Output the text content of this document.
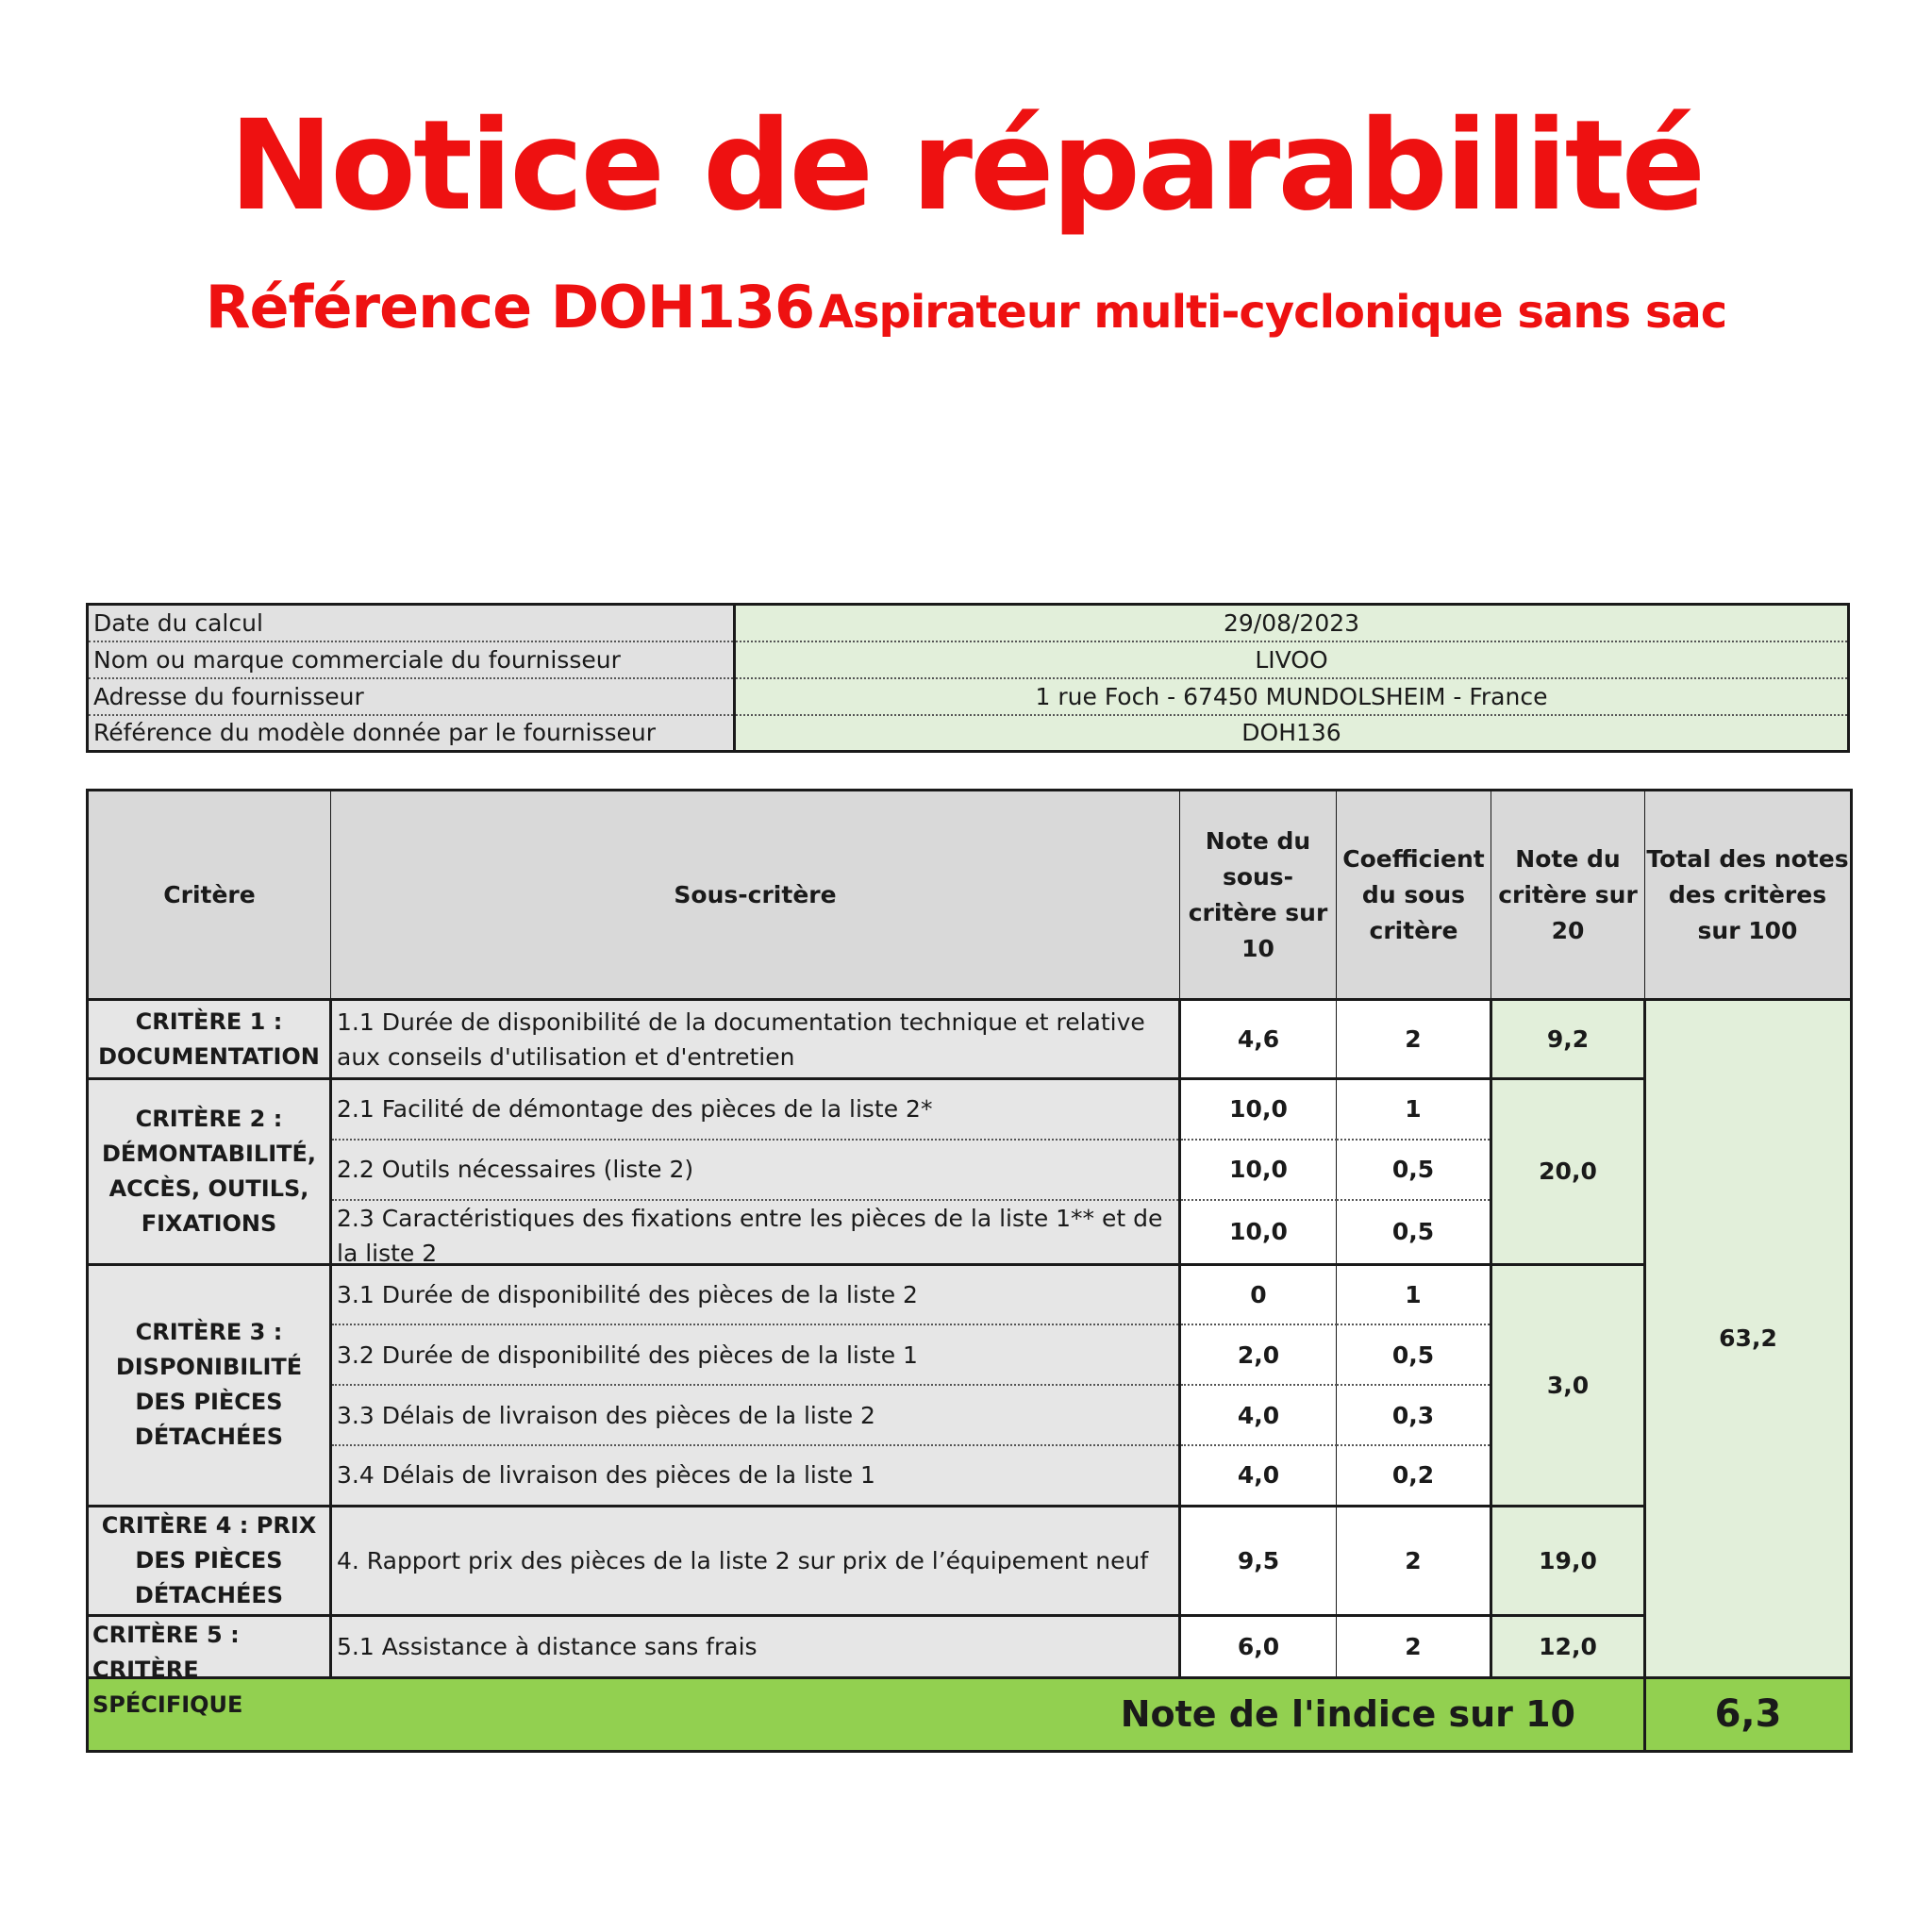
Notice de réparabilité
Référence DOH136 Aspirateur multi-cyclonique sans sac
Date du calcul	29/08/2023
Nom ou marque commerciale du fournisseur	LIVOO
Adresse du fournisseur	1 rue Foch - 67450 MUNDOLSHEIM - France
Référence du modèle donnée par le fournisseur	DOH136
Critère	Sous-critère	Note du sous-critère sur 10	Coefficient du sous critère	Note du critère sur 20	Total des notes des critères sur 100
CRITÈRE 1 : DOCUMENTATION	1.1 Durée de disponibilité de la documentation technique et relative aux conseils d'utilisation et d'entretien	4,6	2	9,2	63,2
CRITÈRE 2 : DÉMONTABILITÉ, ACCÈS, OUTILS, FIXATIONS	2.1 Facilité de démontage des pièces de la liste 2*	10,0	1	20,0	
	2.2 Outils nécessaires (liste 2)	10,0	0,5		

	2.3 Caractéristiques des fixations entre les pièces de la liste 1** et de la liste 2	10,0	0,5		
CRITÈRE 3 : DISPONIBILITÉ DES PIÈCES DÉTACHÉES	3.1 Durée de disponibilité des pièces de la liste 2	0	1	3,0	
	3.2 Durée de disponibilité des pièces de la liste 1	2,0	0,5		
	3.3 Délais de livraison des pièces de la liste 2	4,0	0,3		
	3.4 Délais de livraison des pièces de la liste 1	4,0	0,2		
CRITÈRE 4 : PRIX DES PIÈCES DÉTACHÉES	4. Rapport prix des pièces de la liste 2 sur prix de l’équipement neuf	9,5	2	19,0	

CRITÈRE 5 : CRITÈRE SPÉCIFIQUE	5.1 Assistance à distance sans frais	6,0	2	12,0	
Note de l'indice sur 10					6,3
